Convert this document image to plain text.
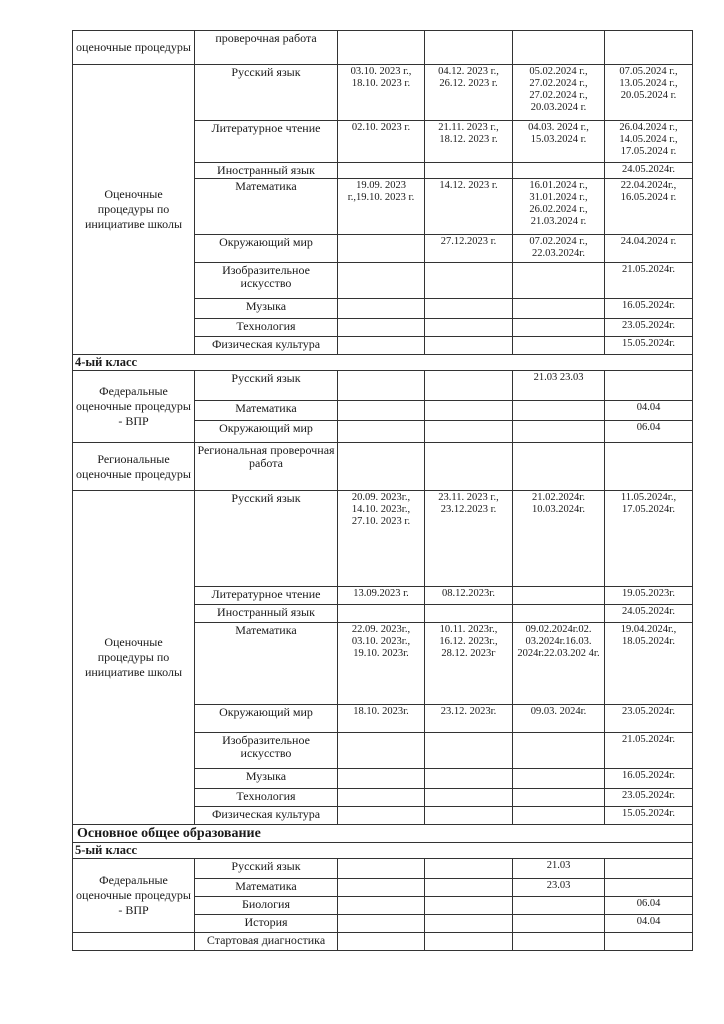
оценочные процедуры	проверочная работа				
Оценочные процедуры по инициативе школы	Русский язык	03.10. 2023 г., 18.10. 2023 г.	04.12. 2023 г., 26.12. 2023 г.	05.02.2024 г., 27.02.2024 г., 27.02.2024 г., 20.03.2024 г.	07.05.2024 г., 13.05.2024 г., 20.05.2024 г.
	Литературное чтение	02.10. 2023 г.	21.11. 2023 г., 18.12. 2023 г.	04.03. 2024 г., 15.03.2024 г.	26.04.2024 г., 14.05.2024 г., 17.05.2024 г.
	Иностранный язык				24.05.2024г.
	Математика	19.09. 2023 г.,19.10. 2023 г.	14.12. 2023 г.	16.01.2024 г., 31.01.2024 г., 26.02.2024 г., 21.03.2024 г.	22.04.2024г., 16.05.2024 г.
	Окружающий мир		27.12.2023 г.	07.02.2024 г., 22.03.2024г.	24.04.2024 г.
	Изобразительное искусство				21.05.2024г.
	Музыка				16.05.2024г.
	Технология				23.05.2024г.
	Физическая культура				15.05.2024г.
4-ый класс					
Федеральные оценочные процедуры - ВПР	Русский язык			21.03 23.03	
	Математика				04.04
	Окружающий мир				06.04
Региональные оценочные процедуры	Региональная проверочная работа				
Оценочные процедуры по инициативе школы	Русский язык	20.09. 2023г., 14.10. 2023г., 27.10. 2023 г.	23.11. 2023 г., 23.12.2023 г.	21.02.2024г. 10.03.2024г.	11.05.2024г., 17.05.2024г.
	Литературное чтение	13.09.2023 г.	08.12.2023г.		19.05.2023г.
	Иностранный язык				24.05.2024г.
	Математика	22.09. 2023г., 03.10. 2023г., 19.10. 2023г.	10.11. 2023г., 16.12. 2023г., 28.12. 2023г	09.02.2024г.02. 03.2024г.16.03. 2024г.22.03.202 4г.	19.04.2024г., 18.05.2024г.
	Окружающий мир	18.10. 2023г.	23.12. 2023г.	09.03. 2024г.	23.05.2024г.
	Изобразительное искусство				21.05.2024г.
	Музыка				16.05.2024г.
	Технология				23.05.2024г.
	Физическая культура				15.05.2024г.
Основное общее образование					
5-ый класс					
Федеральные оценочные процедуры - ВПР	Русский язык			21.03	
	Математика			23.03	
	Биология				06.04
	История				04.04
	Стартовая диагностика				
